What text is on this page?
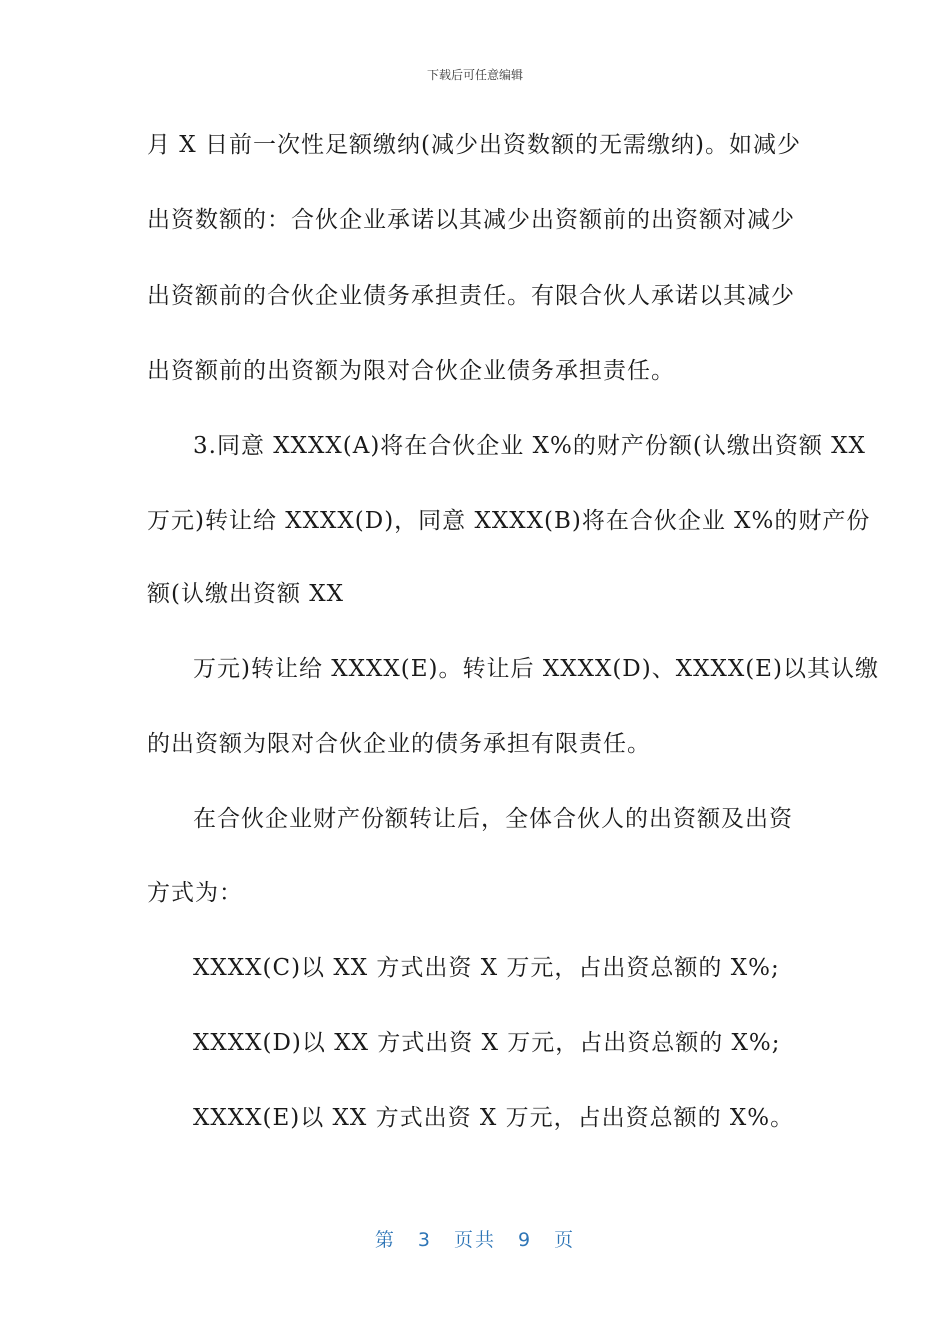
下载后可任意编辑
月 X 日前一次性足额缴纳(减少出资数额的无需缴纳)。如减少
出资数额的：合伙企业承诺以其减少出资额前的出资额对减少
出资额前的合伙企业债务承担责任。有限合伙人承诺以其减少
出资额前的出资额为限对合伙企业债务承担责任。
3.同意 XXXX(A)将在合伙企业 X%的财产份额(认缴出资额 XX
万元)转让给 XXXX(D)，同意 XXXX(B)将在合伙企业 X%的财产份
额(认缴出资额 XX
万元)转让给 XXXX(E)。转让后 XXXX(D)、XXXX(E)以其认缴
的出资额为限对合伙企业的债务承担有限责任。
在合伙企业财产份额转让后，全体合伙人的出资额及出资
方式为：
XXXX(C)以 XX 方式出资 X 万元，占出资总额的 X%;
XXXX(D)以 XX 方式出资 X 万元，占出资总额的 X%;
XXXX(E)以 XX 方式出资 X 万元，占出资总额的 X%。
第 3 页共 9 页
